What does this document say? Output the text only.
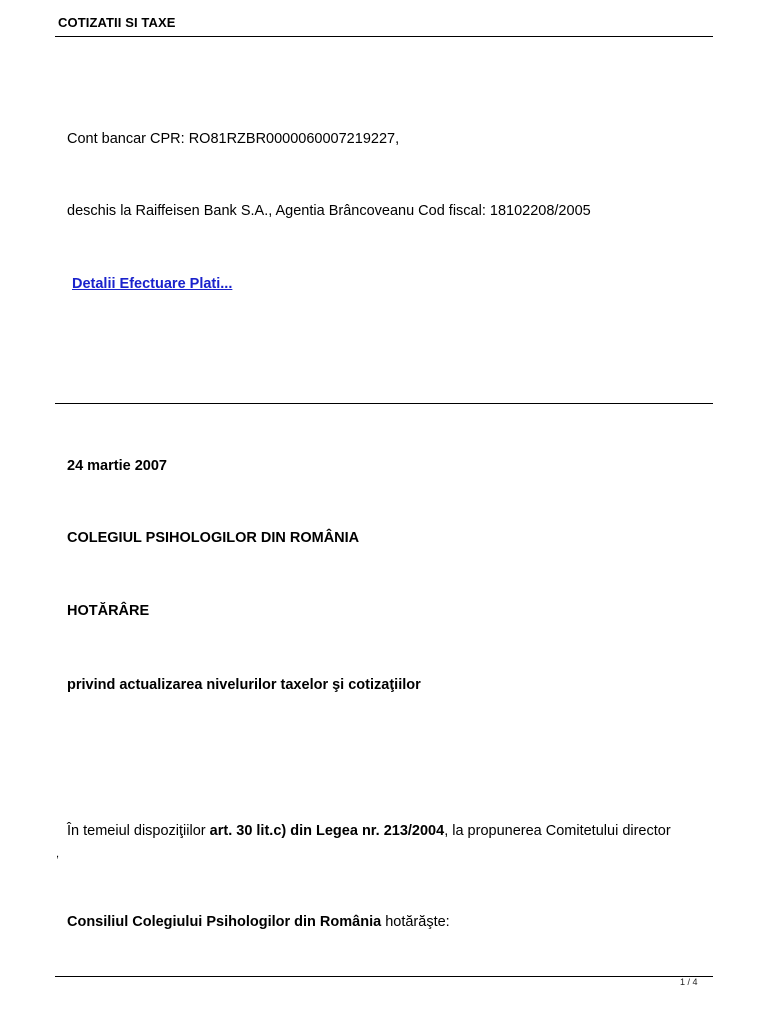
COTIZATII SI TAXE
Cont bancar CPR: RO81RZBR0000060007219227,
deschis la Raiffeisen Bank S.A., Agentia Brâncoveanu Cod fiscal: 18102208/2005
Detalii Efectuare Plati...
24 martie 2007
COLEGIUL PSIHOLOGILOR DIN ROMÂNIA
HOTĂRÂRE
privind actualizarea nivelurilor taxelor şi cotizaţiilor
În temeiul dispoziţiilor art. 30 lit.c) din Legea nr. 213/2004, la propunerea Comitetului director
,
Consiliul Colegiului Psihologilor din România hotărăşte:
1 / 4
